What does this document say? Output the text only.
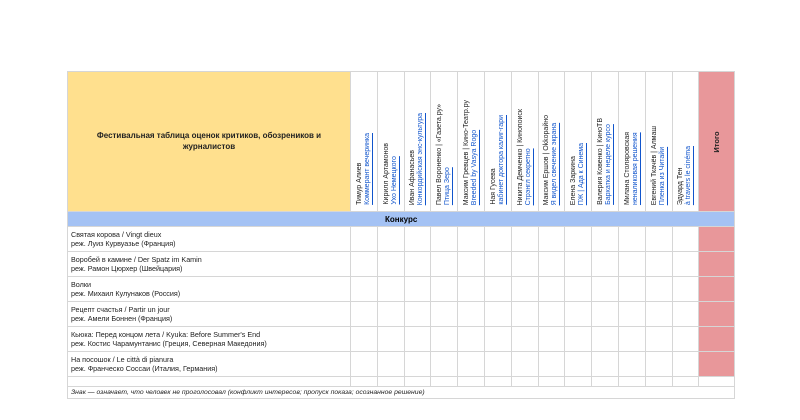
Фестивальная таблица оценок критиков, обозреников и журналистов	Тимур Алиев Коммерант вечеринка	Кирилл Артамонов Ухо Немецкого	Иван Афанасьев Конкордийская энс-культура	Павел Вороненко | «Газета.ру» Птица Зеро	Максим Гревцев | Кино-Театр.ру Breeded by Vasya Rogo	Ная Гусева кабинет доктора калиг-гари	Никита Демченко | Кинопоиск Стрэнгл секретно	Максим Ершов | Okkoрайно Я видел свечение экрана	Елена Заркина ПЖ | Ада к Синема	Валерия Ковенко | КиноТВ Бархатка и неделе курсо	Милана Столяровская неналиковая решения	Евгений Ткачёв | Алмаш Пленка из Читайи	Эдуард Тен à travers le cinéma	Итого

Конкурс														

Святая корова / Vingt dieux
реж. Луиз Курвуазье (Франция)														

Воробей в камине / Der Spatz im Kamin
реж. Рамон Цюрхер (Швейцария)														

Волки
реж. Михаил Кулунаков (Россия)														

Рецепт счастья / Partir un jour
реж. Амели Боннен (Франция)														

Кьюка: Перед концом лета / Kyuka: Before Summer's End
реж. Костис Чарамунтанис (Греция, Северная Македония)														

На посошок / Le città di pianura
реж. Франческо Соссаи (Италия, Германия)														

Знак — означает, что человек не проголосовал (конфликт интересов; пропуск показа; осознанное решение)														
